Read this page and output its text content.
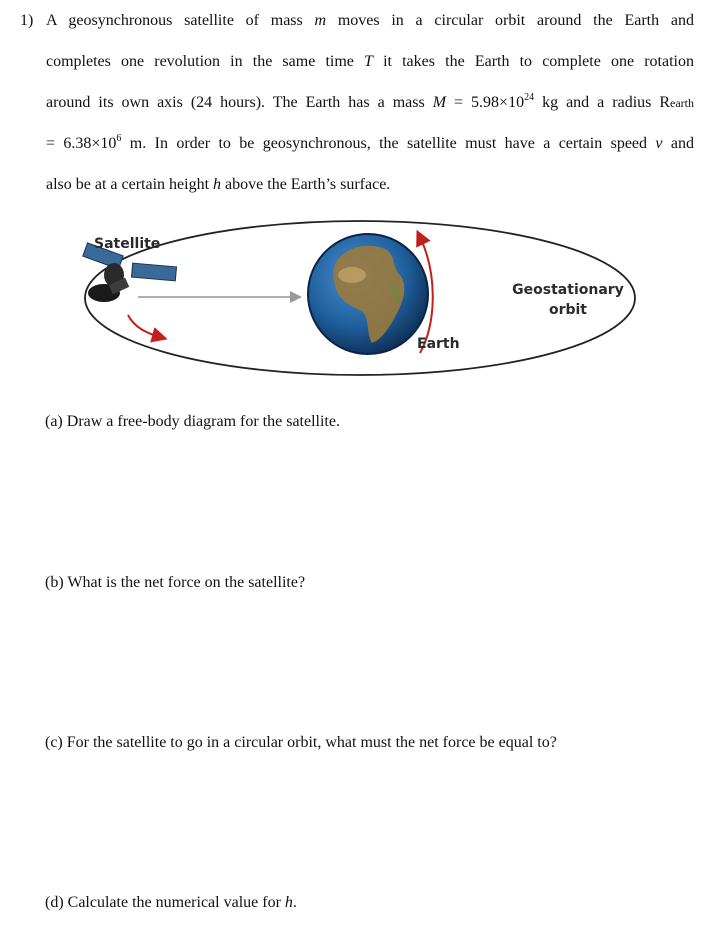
1) A geosynchronous satellite of mass m moves in a circular orbit around the Earth and
completes one revolution in the same time T it takes the Earth to complete one rotation
around its own axis (24 hours). The Earth has a mass $M = 5.98\times 10^{24}$ kg and a radius Rearth
= $6.38\times 10^6$ m. In order to be geosynchronous, the satellite must have a certain speed v and
also be at a certain height h above the Earth’s surface.
Satellite
Earth
Geostationary
orbit
(a) Draw a free-body diagram for the satellite.
(b) What is the net force on the satellite?
(c) For the satellite to go in a circular orbit, what must the net force be equal to?
(d) Calculate the numerical value for h.
